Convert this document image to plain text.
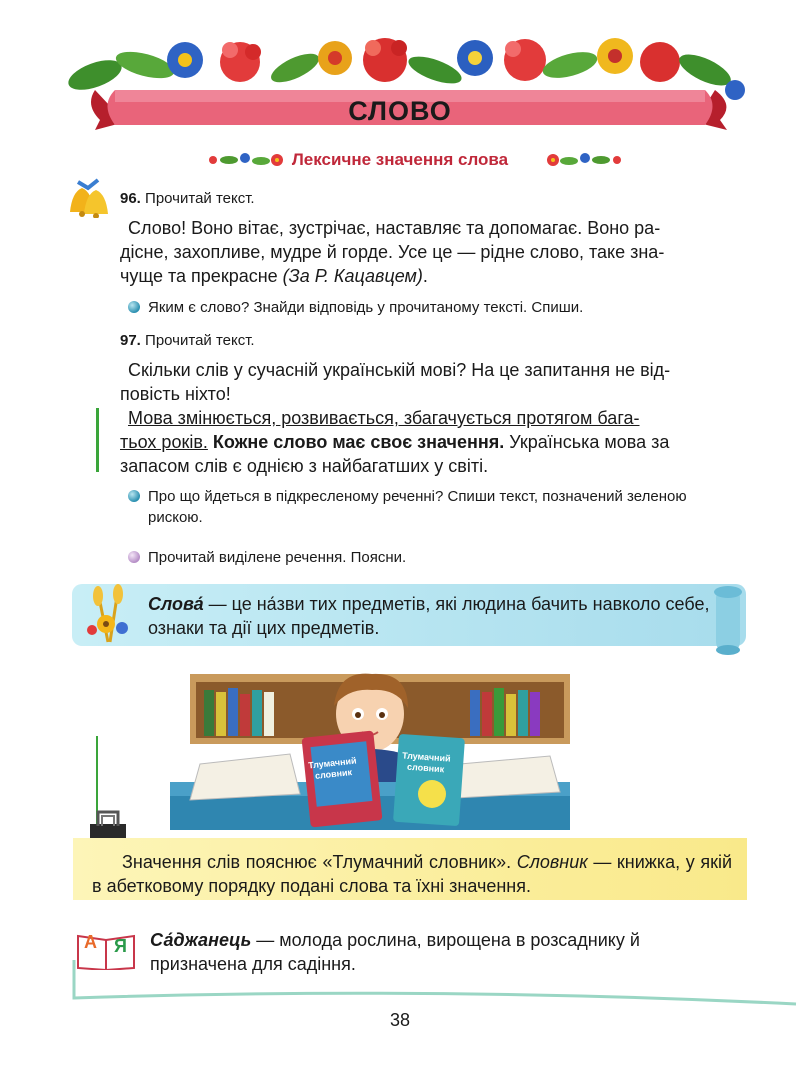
СЛОВО
Лексичне значення слова
96. Прочитай текст.
Слово! Воно вітає, зустрічає, наставляє та допомагає. Воно ра-
дісне, захопливе, мудре й горде. Усе це — рідне слово, таке зна-
чуще та прекрасне (За Р. Кацавцем).
Яким є слово? Знайди відповідь у прочитаному тексті. Спиши.
97. Прочитай текст.
Скільки слів у сучасній українській мові? На це запитання не від-
повість ніхто!
Мова змінюється, розвивається, збагачується протягом бага-
тьох років. Кожне слово має своє значення. Українська мова за
запасом слів є однією з найбагатших у світі.
Про що йдеться в підкресленому реченні? Спиши текст, позначений зеленою рискою.
Прочитай виділене речення. Поясни.
Слова́ — це на́зви тих предметів, які людина бачить навколо себе, ознаки та дії цих предметів.
Тлумачний словник
Тлумачний словник
Значення слів пояснює «Тлумачний словник». Словник — книжка, у якій в абетковому порядку подані слова та їхні значення.
А Я Са́джанець — молода рослина, вирощена в розсаднику й призначена для садіння.
38
